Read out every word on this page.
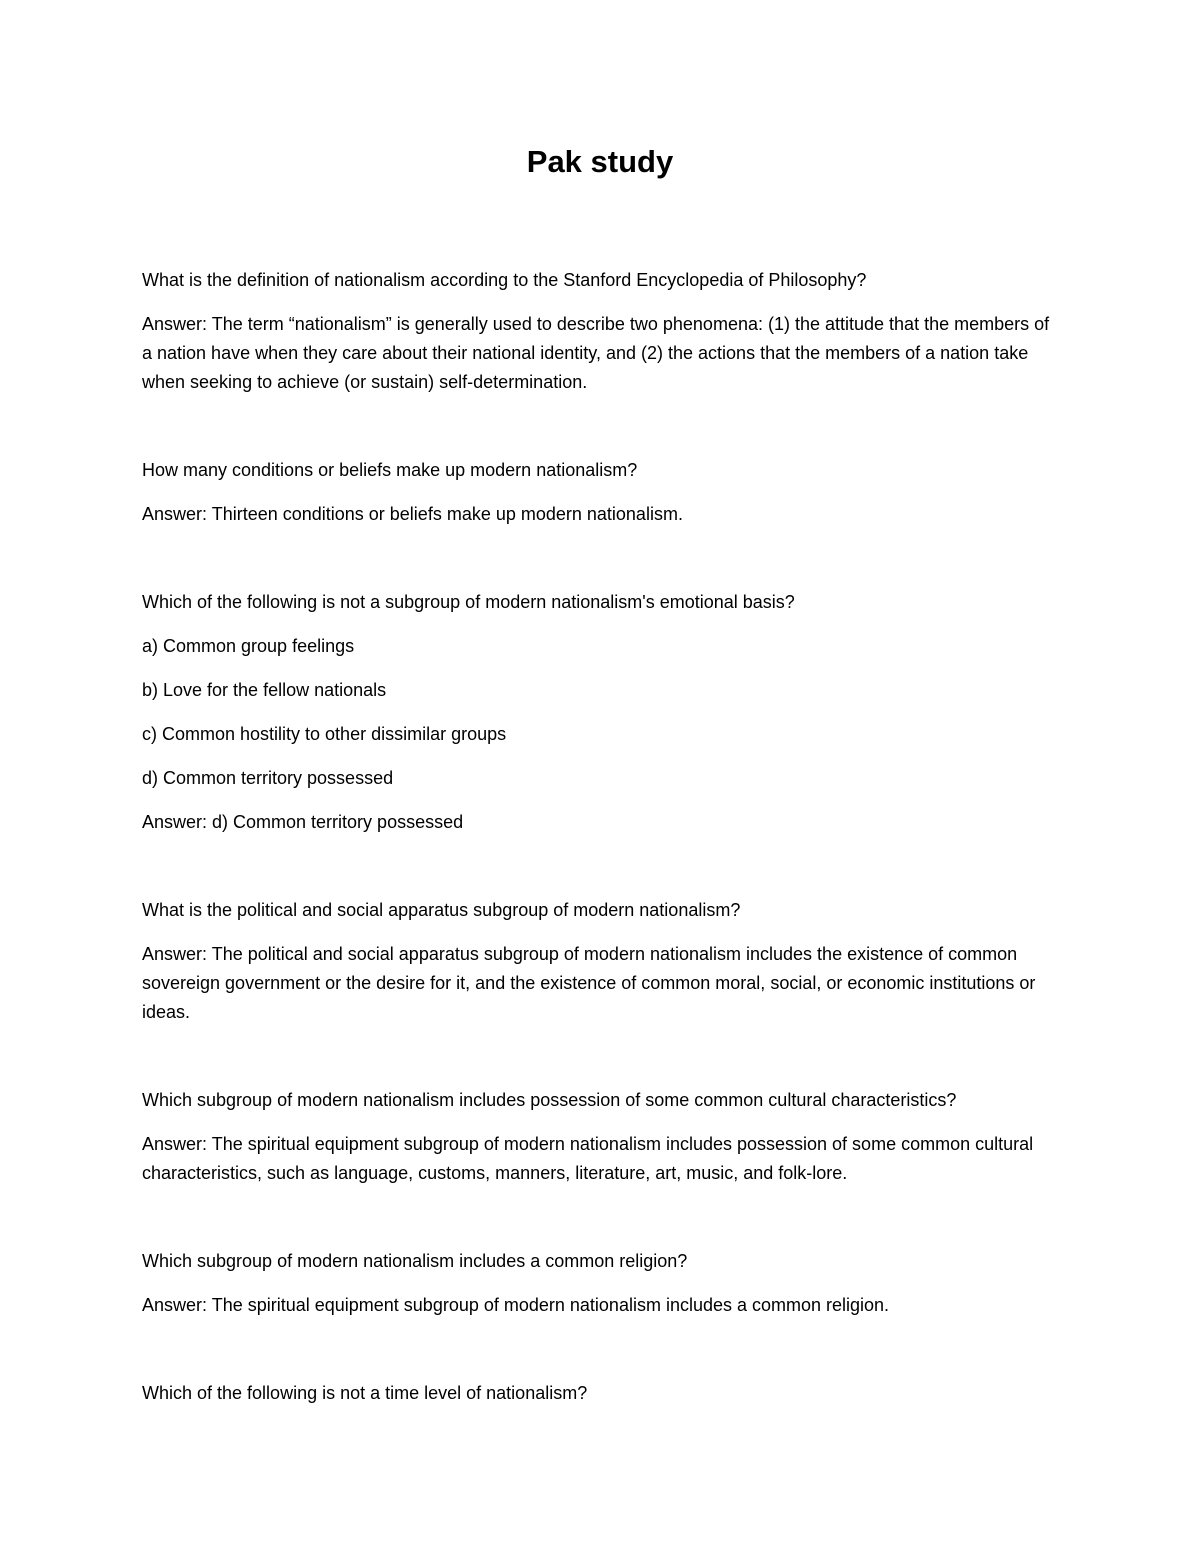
Pak study

What is the definition of nationalism according to the Stanford Encyclopedia of Philosophy?

Answer: The term “nationalism” is generally used to describe two phenomena: (1) the attitude that the members of a nation have when they care about their national identity, and (2) the actions that the members of a nation take when seeking to achieve (or sustain) self-determination.

How many conditions or beliefs make up modern nationalism?

Answer: Thirteen conditions or beliefs make up modern nationalism.

Which of the following is not a subgroup of modern nationalism's emotional basis?

a) Common group feelings

b) Love for the fellow nationals

c) Common hostility to other dissimilar groups

d) Common territory possessed

Answer: d) Common territory possessed

What is the political and social apparatus subgroup of modern nationalism?

Answer: The political and social apparatus subgroup of modern nationalism includes the existence of common sovereign government or the desire for it, and the existence of common moral, social, or economic institutions or ideas.

Which subgroup of modern nationalism includes possession of some common cultural characteristics?

Answer: The spiritual equipment subgroup of modern nationalism includes possession of some common cultural characteristics, such as language, customs, manners, literature, art, music, and folk-lore.

Which subgroup of modern nationalism includes a common religion?

Answer: The spiritual equipment subgroup of modern nationalism includes a common religion.

Which of the following is not a time level of nationalism?
